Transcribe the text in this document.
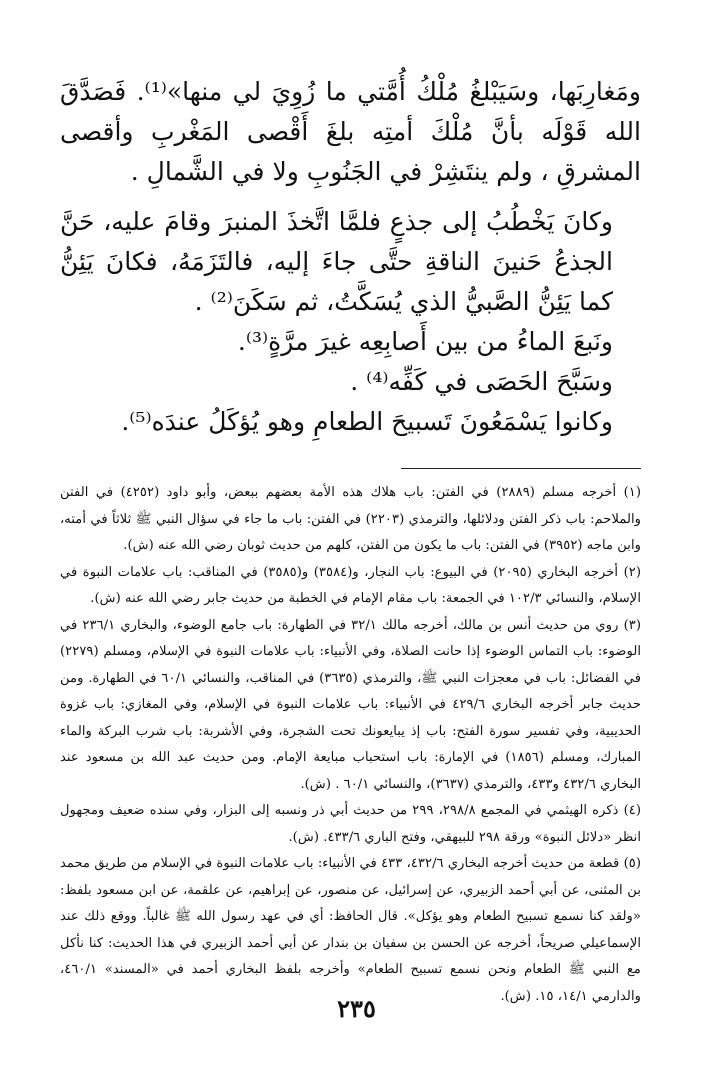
ومَغارِبَها، وسَيَبْلغُ مُلْكُ أُمَّتي ما زُوِيَ لي منها»⁽¹⁾. فَصَدَّقَ الله قَوْلَه بأنَّ مُلْكَ أمتِه بلغَ أَقْصى المَغْربِ وأقصى المشرقِ ، ولم ينتَشِرْ في الجَنُوبِ ولا في الشَّمالِ .

وكانَ يَخْطُبُ إلى جذعٍ فلمَّا اتَّخذَ المنبرَ وقامَ عليه، حَنَّ الجذعُ حَنينَ الناقةِ حتَّى جاءَ إليه، فالتَزَمَهُ، فكانَ يَئِنُّ كما يَئِنُّ الصَّبيُّ الذي يُسَكَّتُ، ثم سَكَنَ⁽²⁾ .

ونَبعَ الماءُ من بين أَصابِعِه غيرَ مرَّةٍ⁽³⁾.

وسَبَّحَ الحَصَى في كَفِّه⁽⁴⁾ .

وكانوا يَسْمَعُونَ تَسبيحَ الطعامِ وهو يُؤكَلُ عندَه⁽⁵⁾.

(١) أخرجه مسلم (٢٨٨٩) في الفتن: باب هلاك هذه الأمة بعضهم ببعض، وأبو داود (٤٢٥٢) في الفتن والملاحم: باب ذكر الفتن ودلائلها، والترمذي (٢٢٠٣) في الفتن: باب ما جاء في سؤال النبي ﷺ ثلاثاً في أمته، وابن ماجه (٣٩٥٢) في الفتن: باب ما يكون من الفتن، كلهم من حديث ثوبان رضي الله عنه (ش).

(٢) أخرجه البخاري (٢٠٩٥) في البيوع: باب النجار، و(٣٥٨٤) و(٣٥٨٥) في المناقب: باب علامات النبوة في الإسلام، والنسائي ١٠٢/٣ في الجمعة: باب مقام الإمام في الخطبة من حديث جابر رضي الله عنه (ش).

(٣) روي من حديث أنس بن مالك، أخرجه مالك ٣٢/١ في الطهارة: باب جامع الوضوء، والبخاري ٢٣٦/١ في الوضوء: باب التماس الوضوء إذا حانت الصلاة، وفي الأنبياء: باب علامات النبوة في الإسلام، ومسلم (٢٢٧٩) في الفضائل: باب في معجزات النبي ﷺ، والترمذي (٣٦٣٥) في المناقب، والنسائي ٦٠/١ في الطهارة. ومن حديث جابر أخرجه البخاري ٤٢٩/٦ في الأنبياء: باب علامات النبوة في الإسلام، وفي المغازي: باب غزوة الحديبية، وفي تفسير سورة الفتح: باب إذ يبايعونك تحت الشجرة، وفي الأشربة: باب شرب البركة والماء المبارك، ومسلم (١٨٥٦) في الإمارة: باب استحباب مبايعة الإمام. ومن حديث عبد الله بن مسعود عند البخاري ٤٣٢/٦ و٤٣٣، والترمذي (٣٦٣٧)، والنسائي ٦٠/١ . (ش).

(٤) ذكره الهيثمي في المجمع ٢٩٨/٨، ٢٩٩ من حديث أبي ذر ونسبه إلى البزار، وفي سنده ضعيف ومجهول انظر «دلائل النبوة» ورقة ٢٩٨ للبيهقي، وفتح الباري ٤٣٣/٦. (ش).

(٥) قطعة من حديث أخرجه البخاري ٤٣٢/٦، ٤٣٣ في الأنبياء: باب علامات النبوة في الإسلام من طريق محمد بن المثنى، عن أبي أحمد الزبيري، عن إسرائيل، عن منصور، عن إبراهيم، عن علقمة، عن ابن مسعود بلفظ: «ولقد كنا نسمع تسبيح الطعام وهو يؤكل». قال الحافظ: أي في عهد رسول الله ﷺ غالباً. ووقع ذلك عند الإسماعيلي صريحاً، أخرجه عن الحسن بن سفيان بن بندار عن أبي أحمد الزبيري في هذا الحديث: كنا نأكل مع النبي ﷺ الطعام ونحن نسمع تسبيح الطعام» وأخرجه بلفظ البخاري أحمد في «المسند» ٤٦٠/١، والدارمي ١٤/١، ١٥. (ش).

٢٣٥
